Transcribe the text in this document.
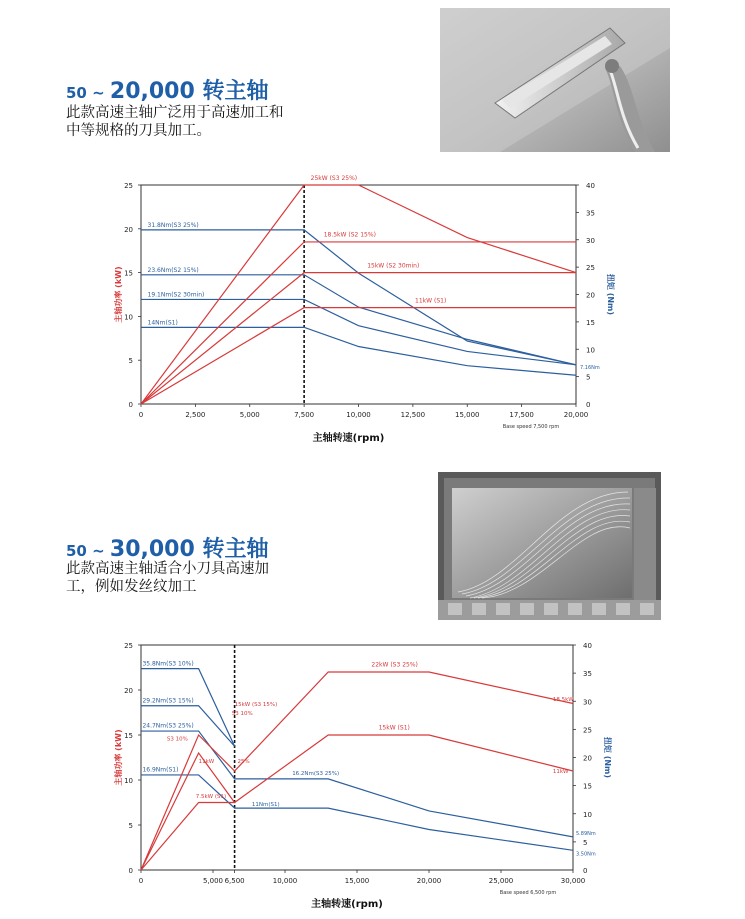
50 ~ 20,000 转主轴
此款高速主轴广泛用于高速加工和
中等规格的刀具加工。
0	2,500	5,000	7,500	10,000	12,500	15,000	17,500	20,000
0
5
10
15
20
25
5
10
15
20
25
30
35
40
0
主轴功率 (kW)	扭矩 (Nm)
主轴转速(rpm)
Base speed 7,500 rpm
31.8Nm(S3 25%)
23.6Nm(S2 15%)
19.1Nm(S2 30min)
14Nm(S1)
25kW (S3 25%)
18.5kW (S2 15%)
15kW (S2 30min)
11kW (S1)
7.16Nm
50 ~ 30,000 转主轴
此款高速主轴适合小刀具高速加
工，例如发丝纹加工
0	5,000 6,500	10,000	15,000	20,000	25,000	30,000
0
5
10
15
20
25
5
10
15
20
25
30
35
40
0
主轴功率 (kW)	扭矩 (Nm)
主轴转速(rpm)
Base speed 6,500 rpm
35.8Nm(S3 10%)
29.2Nm(S3 15%)
24.7Nm(S3 25%)
16.9Nm(S1)
22kW (S3 25%)
15kW (S1)
15kW (S3 15%)
S3 10%
S3 10%
11kW	25%
7.5kW (S1)
18.5kW
11kW
16.2Nm(S3 25%)
11Nm(S1)
5.89Nm
3.50Nm
